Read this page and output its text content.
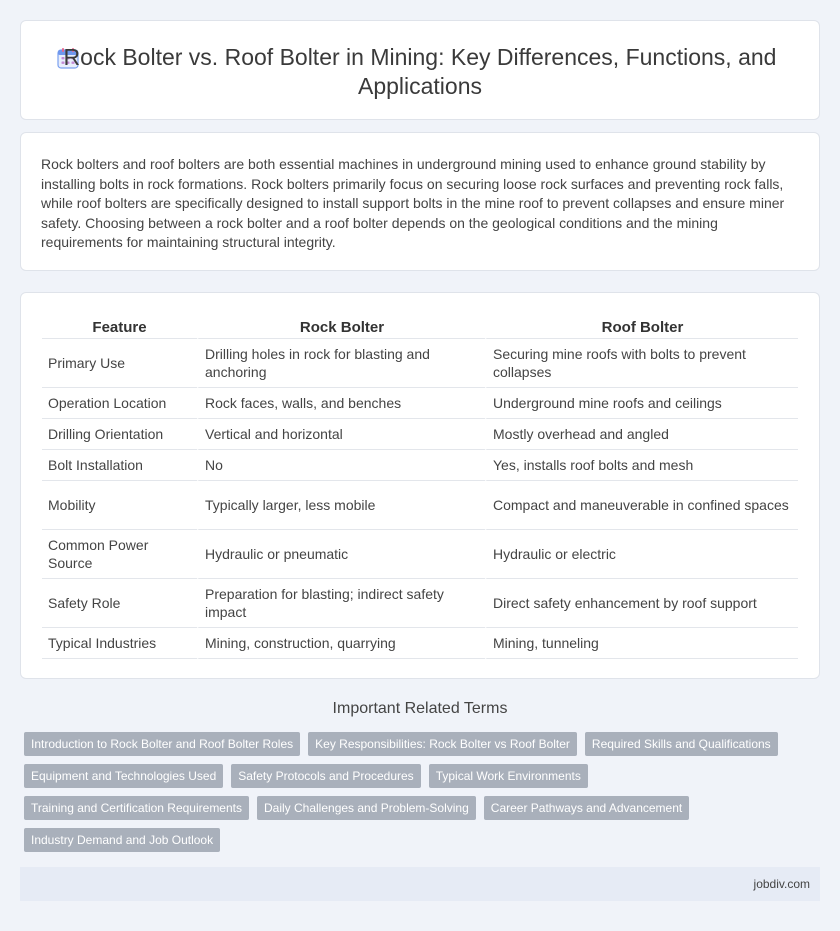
Rock Bolter vs. Roof Bolter in Mining: Key Differences, Functions, and Applications

Rock bolters and roof bolters are both essential machines in underground mining used to enhance ground stability by installing bolts in rock formations. Rock bolters primarily focus on securing loose rock surfaces and preventing rock falls, while roof bolters are specifically designed to install support bolts in the mine roof to prevent collapses and ensure miner safety. Choosing between a rock bolter and a roof bolter depends on the geological conditions and the mining requirements for maintaining structural integrity.

Feature	Rock Bolter	Roof Bolter
Primary Use	Drilling holes in rock for blasting and anchoring	Securing mine roofs with bolts to prevent collapses
Operation Location	Rock faces, walls, and benches	Underground mine roofs and ceilings
Drilling Orientation	Vertical and horizontal	Mostly overhead and angled
Bolt Installation	No	Yes, installs roof bolts and mesh
Mobility	Typically larger, less mobile	Compact and maneuverable in confined spaces
Common Power Source	Hydraulic or pneumatic	Hydraulic or electric
Safety Role	Preparation for blasting; indirect safety impact	Direct safety enhancement by roof support
Typical Industries	Mining, construction, quarrying	Mining, tunneling
Important Related Terms
Introduction to Rock Bolter and Roof Bolter Roles	Key Responsibilities: Rock Bolter vs Roof Bolter	Required Skills and Qualifications
Equipment and Technologies Used	Safety Protocols and Procedures	Typical Work Environments
Training and Certification Requirements	Daily Challenges and Problem-Solving	Career Pathways and Advancement
Industry Demand and Job Outlook
jobdiv.com
